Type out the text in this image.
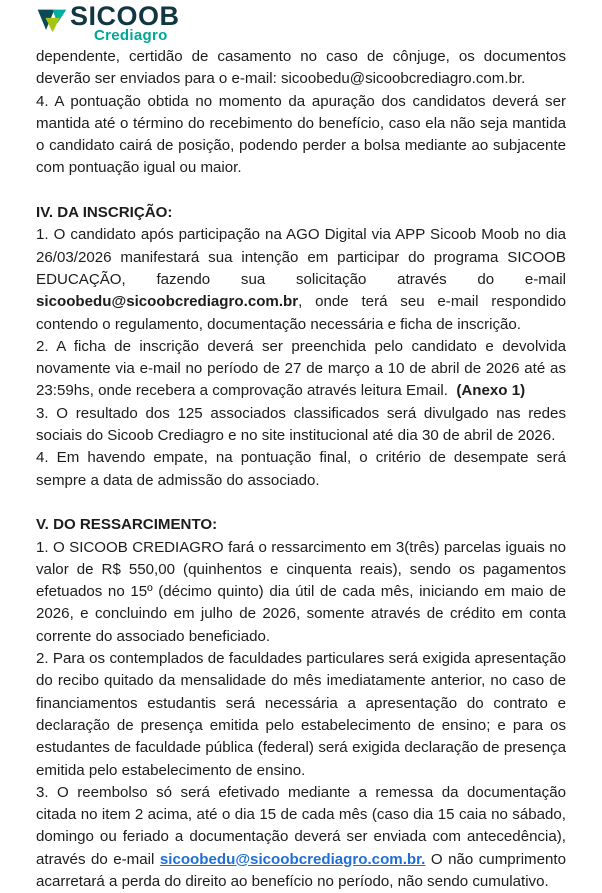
SICOOB
Crediagro

dependente, certidão de casamento no caso de cônjuge, os documentos deverão ser enviados para o e-mail: sicoobedu@sicoobcrediagro.com.br.

4. A pontuação obtida no momento da apuração dos candidatos deverá ser mantida até o término do recebimento do benefício, caso ela não seja mantida o candidato cairá de posição, podendo perder a bolsa mediante ao subjacente com pontuação igual ou maior.

IV. DA INSCRIÇÃO:

1. O candidato após participação na AGO Digital via APP Sicoob Moob no dia 26/03/2026 manifestará sua intenção em participar do programa SICOOB EDUCAÇÃO, fazendo sua solicitação através do e-mail sicoobedu@sicoobcrediagro.com.br, onde terá seu e-mail respondido contendo o regulamento, documentação necessária e ficha de inscrição.

2. A ficha de inscrição deverá ser preenchida pelo candidato e devolvida novamente via e-mail no período de 27 de março a 10 de abril de 2026 até as 23:59hs, onde recebera a comprovação através leitura Email.  (Anexo 1)

3. O resultado dos 125 associados classificados será divulgado nas redes sociais do Sicoob Crediagro e no site institucional até dia 30 de abril de 2026.

4. Em havendo empate, na pontuação final, o critério de desempate será sempre a data de admissão do associado.

V. DO RESSARCIMENTO:

1. O SICOOB CREDIAGRO fará o ressarcimento em 3(três) parcelas iguais no valor de R$ 550,00 (quinhentos e cinquenta reais), sendo os pagamentos efetuados no 15º (décimo quinto) dia útil de cada mês, iniciando em maio de 2026, e concluindo em julho de 2026, somente através de crédito em conta corrente do associado beneficiado.

2. Para os contemplados de faculdades particulares será exigida apresentação do recibo quitado da mensalidade do mês imediatamente anterior, no caso de financiamentos estudantis será necessária a apresentação do contrato e declaração de presença emitida pelo estabelecimento de ensino; e para os estudantes de faculdade pública (federal) será exigida declaração de presença emitida pelo estabelecimento de ensino.

3. O reembolso só será efetivado mediante a remessa da documentação citada no item 2 acima, até o dia 15 de cada mês (caso dia 15 caia no sábado, domingo ou feriado a documentação deverá ser enviada com antecedência), através do e-mail sicoobedu@sicoobcrediagro.com.br. O não cumprimento acarretará a perda do direito ao benefício no período, não sendo cumulativo.
